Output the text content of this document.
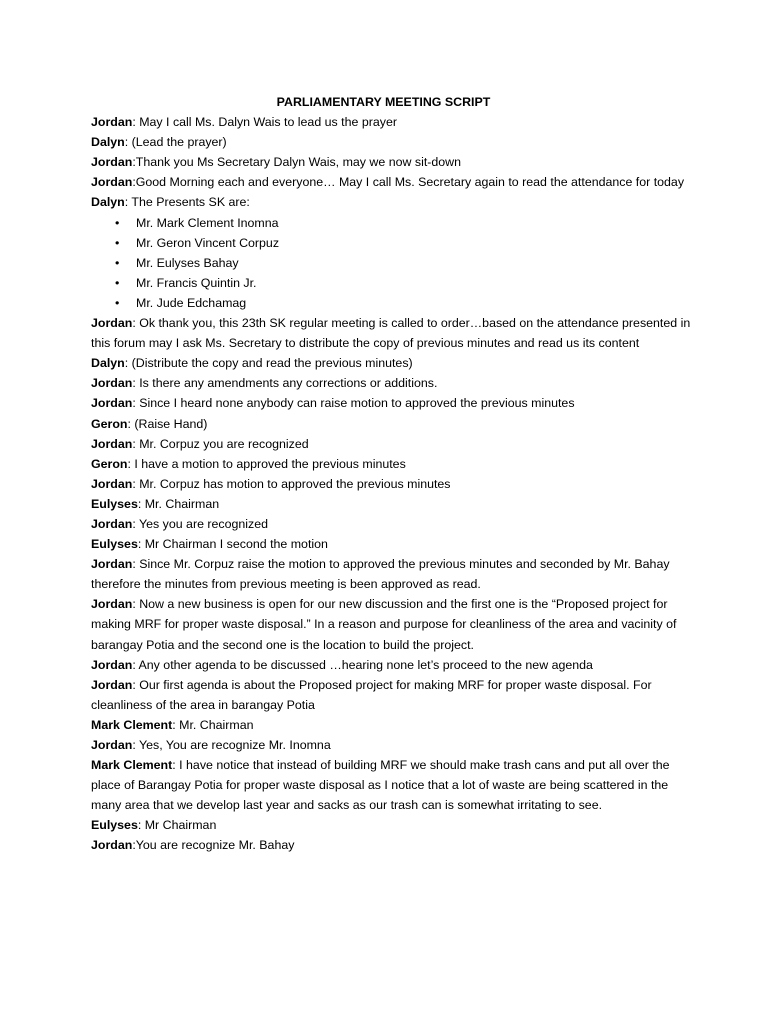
PARLIAMENTARY MEETING SCRIPT

Jordan: May I call Ms. Dalyn Wais to lead us the prayer

Dalyn: (Lead the prayer)

Jordan:Thank you Ms Secretary Dalyn Wais, may we now sit-down

Jordan:Good Morning each and everyone… May I call Ms. Secretary again to read the attendance for today

Dalyn: The Presents SK are:

• Mr. Mark Clement Inomna
• Mr. Geron Vincent Corpuz
• Mr. Eulyses Bahay
• Mr. Francis Quintin Jr.
• Mr. Jude Edchamag

Jordan: Ok thank you, this 23th SK regular meeting is called to order…based on the attendance presented in this forum may I ask Ms. Secretary to distribute the copy of previous minutes and read us its content

Dalyn: (Distribute the copy and read the previous minutes)

Jordan: Is there any amendments any corrections or additions.

Jordan: Since I heard none anybody can raise motion to approved the previous minutes

Geron: (Raise Hand)

Jordan: Mr. Corpuz you are recognized

Geron: I have a motion to approved the previous minutes

Jordan: Mr. Corpuz has motion to approved the previous minutes

Eulyses: Mr. Chairman

Jordan: Yes you are recognized

Eulyses: Mr Chairman I second the motion

Jordan: Since Mr. Corpuz raise the motion to approved the previous minutes and seconded by Mr. Bahay therefore the minutes from previous meeting is been approved as read.

Jordan: Now a new business is open for our new discussion and the first one is the “Proposed project for making MRF for proper waste disposal.” In a reason and purpose for cleanliness of the area and vacinity of barangay Potia and the second one is the location to build the project.

Jordan: Any other agenda to be discussed …hearing none let’s proceed to the new agenda

Jordan: Our first agenda is about the Proposed project for making MRF for proper waste disposal. For cleanliness of the area in barangay Potia

Mark Clement: Mr. Chairman

Jordan: Yes, You are recognize Mr. Inomna

Mark Clement: I have notice that instead of building MRF we should make trash cans and put all over the place of Barangay Potia for proper waste disposal as I notice that a lot of waste are being scattered in the many area that we develop last year and sacks as our trash can is somewhat irritating to see.

Eulyses: Mr Chairman

Jordan:You are recognize Mr. Bahay
